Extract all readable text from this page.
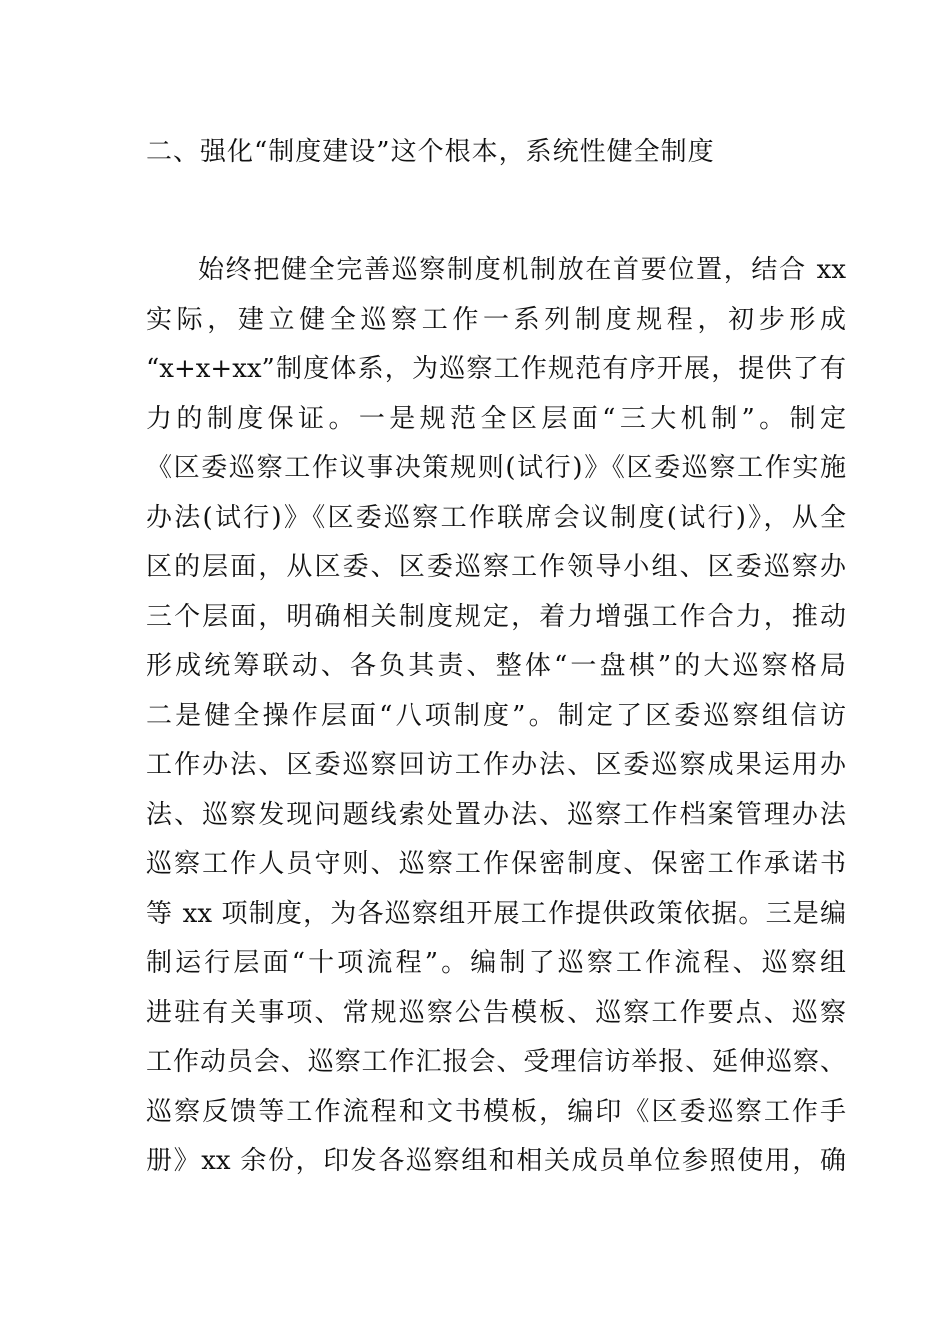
二、强化“制度建设”这个根本，系统性健全制度
始终把健全完善巡察制度机制放在首要位置，结合 xx
实际，建立健全巡察工作一系列制度规程，初步形成
“x+x+xx”制度体系，为巡察工作规范有序开展，提供了有
力的制度保证。一是规范全区层面“三大机制”。制定
《区委巡察工作议事决策规则(试行)》《区委巡察工作实施
办法(试行)》《区委巡察工作联席会议制度(试行)》，从全
区的层面，从区委、区委巡察工作领导小组、区委巡察办
三个层面，明确相关制度规定，着力增强工作合力，推动
形成统筹联动、各负其责、整体“一盘棋”的大巡察格局
二是健全操作层面“八项制度”。制定了区委巡察组信访
工作办法、区委巡察回访工作办法、区委巡察成果运用办
法、巡察发现问题线索处置办法、巡察工作档案管理办法
巡察工作人员守则、巡察工作保密制度、保密工作承诺书
等 xx 项制度，为各巡察组开展工作提供政策依据。三是编
制运行层面“十项流程”。编制了巡察工作流程、巡察组
进驻有关事项、常规巡察公告模板、巡察工作要点、巡察
工作动员会、巡察工作汇报会、受理信访举报、延伸巡察、
巡察反馈等工作流程和文书模板，编印《区委巡察工作手
册》xx 余份，印发各巡察组和相关成员单位参照使用，确
